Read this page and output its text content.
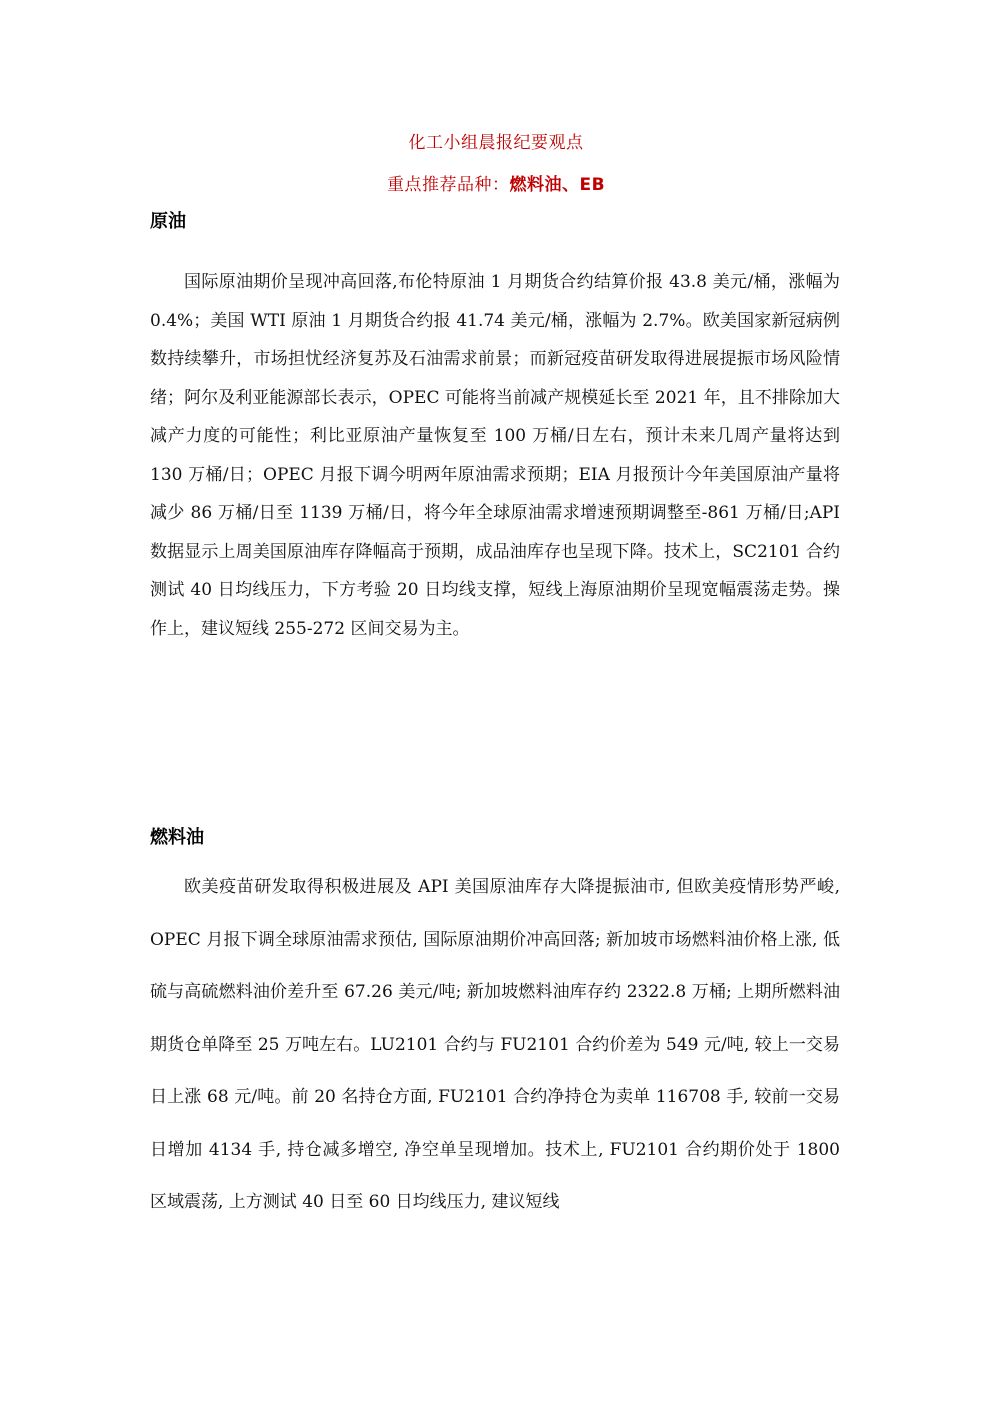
化工小组晨报纪要观点
重点推荐品种：燃料油、EB
原油

国际原油期价呈现冲高回落,布伦特原油 1 月期货合约结算价报 43.8 美元/桶，涨幅为 0.4%；美国 WTI 原油 1 月期货合约报 41.74 美元/桶，涨幅为 2.7%。欧美国家新冠病例数持续攀升，市场担忧经济复苏及石油需求前景；而新冠疫苗研发取得进展提振市场风险情绪；阿尔及利亚能源部长表示，OPEC 可能将当前减产规模延长至 2021 年，且不排除加大减产力度的可能性；利比亚原油产量恢复至 100 万桶/日左右，预计未来几周产量将达到 130 万桶/日；OPEC 月报下调今明两年原油需求预期；EIA 月报预计今年美国原油产量将减少 86 万桶/日至 1139 万桶/日，将今年全球原油需求增速预期调整至-861 万桶/日;API 数据显示上周美国原油库存降幅高于预期，成品油库存也呈现下降。技术上，SC2101 合约测试 40 日均线压力，下方考验 20 日均线支撑，短线上海原油期价呈现宽幅震荡走势。操作上，建议短线 255-272 区间交易为主。

燃料油

欧美疫苗研发取得积极进展及 API 美国原油库存大降提振油市, 但欧美疫情形势严峻, OPEC 月报下调全球原油需求预估, 国际原油期价冲高回落; 新加坡市场燃料油价格上涨, 低硫与高硫燃料油价差升至 67.26 美元/吨; 新加坡燃料油库存约 2322.8 万桶; 上期所燃料油期货仓单降至 25 万吨左右。LU2101 合约与 FU2101 合约价差为 549 元/吨, 较上一交易日上涨 68 元/吨。前 20 名持仓方面, FU2101 合约净持仓为卖单 116708 手, 较前一交易日增加 4134 手, 持仓减多增空, 净空单呈现增加。技术上, FU2101 合约期价处于 1800 区域震荡, 上方测试 40 日至 60 日均线压力, 建议短线
